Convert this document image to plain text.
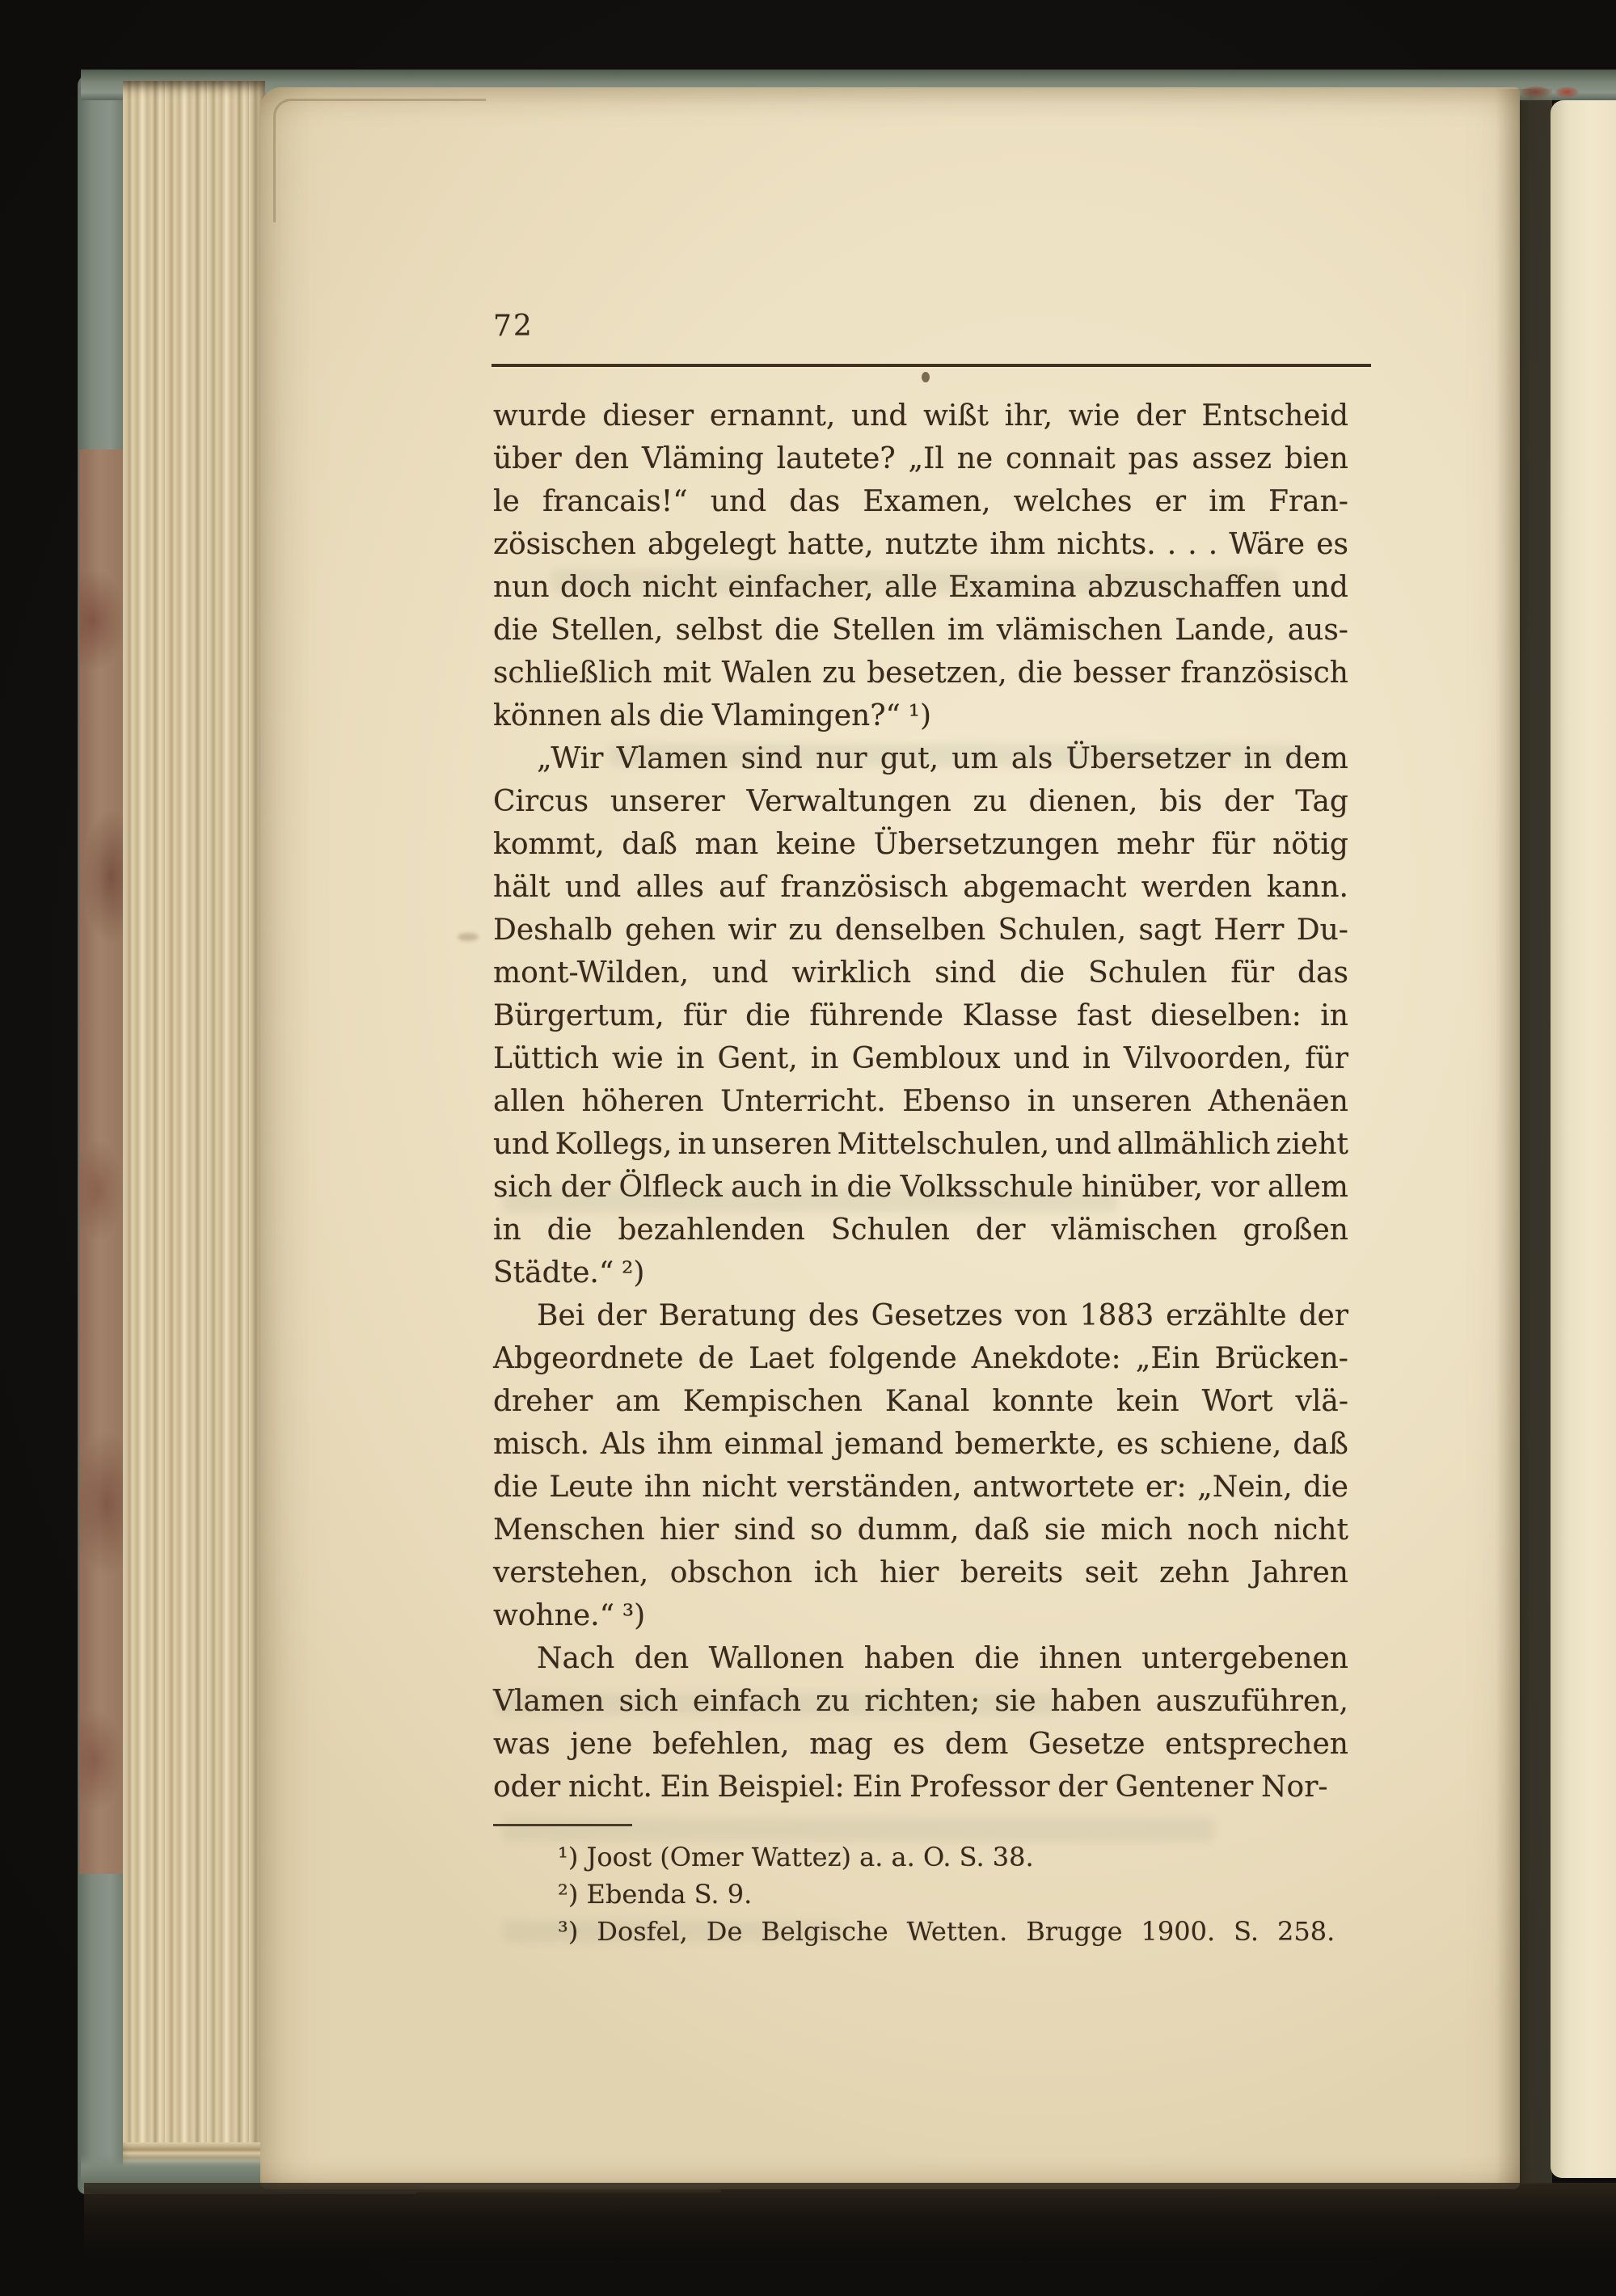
72
wurde dieser ernannt, und wißt ihr, wie der Entscheid
über den Vläming lautete? „Il ne connait pas assez bien
le francais!“ und das Examen, welches er im Fran-
zösischen abgelegt hatte, nutzte ihm nichts. . . . Wäre es
nun doch nicht einfacher, alle Examina abzuschaffen und
die Stellen, selbst die Stellen im vlämischen Lande, aus-
schließlich mit Walen zu besetzen, die besser französisch
können als die Vlamingen?“ ¹)
„Wir Vlamen sind nur gut, um als Übersetzer in dem
Circus unserer Verwaltungen zu dienen, bis der Tag
kommt, daß man keine Übersetzungen mehr für nötig
hält und alles auf französisch abgemacht werden kann.
Deshalb gehen wir zu denselben Schulen, sagt Herr Du-
mont-Wilden, und wirklich sind die Schulen für das
Bürgertum, für die führende Klasse fast dieselben: in
Lüttich wie in Gent, in Gembloux und in Vilvoorden, für
allen höheren Unterricht. Ebenso in unseren Athenäen
und Kollegs, in unseren Mittelschulen, und allmählich zieht
sich der Ölfleck auch in die Volksschule hinüber, vor allem
in die bezahlenden Schulen der vlämischen großen
Städte.“ ²)
Bei der Beratung des Gesetzes von 1883 erzählte der
Abgeordnete de Laet folgende Anekdote: „Ein Brücken-
dreher am Kempischen Kanal konnte kein Wort vlä-
misch. Als ihm einmal jemand bemerkte, es schiene, daß
die Leute ihn nicht verständen, antwortete er: „Nein, die
Menschen hier sind so dumm, daß sie mich noch nicht
verstehen, obschon ich hier bereits seit zehn Jahren
wohne.“ ³)
Nach den Wallonen haben die ihnen untergebenen
Vlamen sich einfach zu richten; sie haben auszuführen,
was jene befehlen, mag es dem Gesetze entsprechen
oder nicht. Ein Beispiel: Ein Professor der Gentener Nor-
¹) Joost (Omer Wattez) a. a. O. S. 38.
²) Ebenda S. 9.
³) Dosfel, De Belgische Wetten. Brugge 1900. S. 258.
